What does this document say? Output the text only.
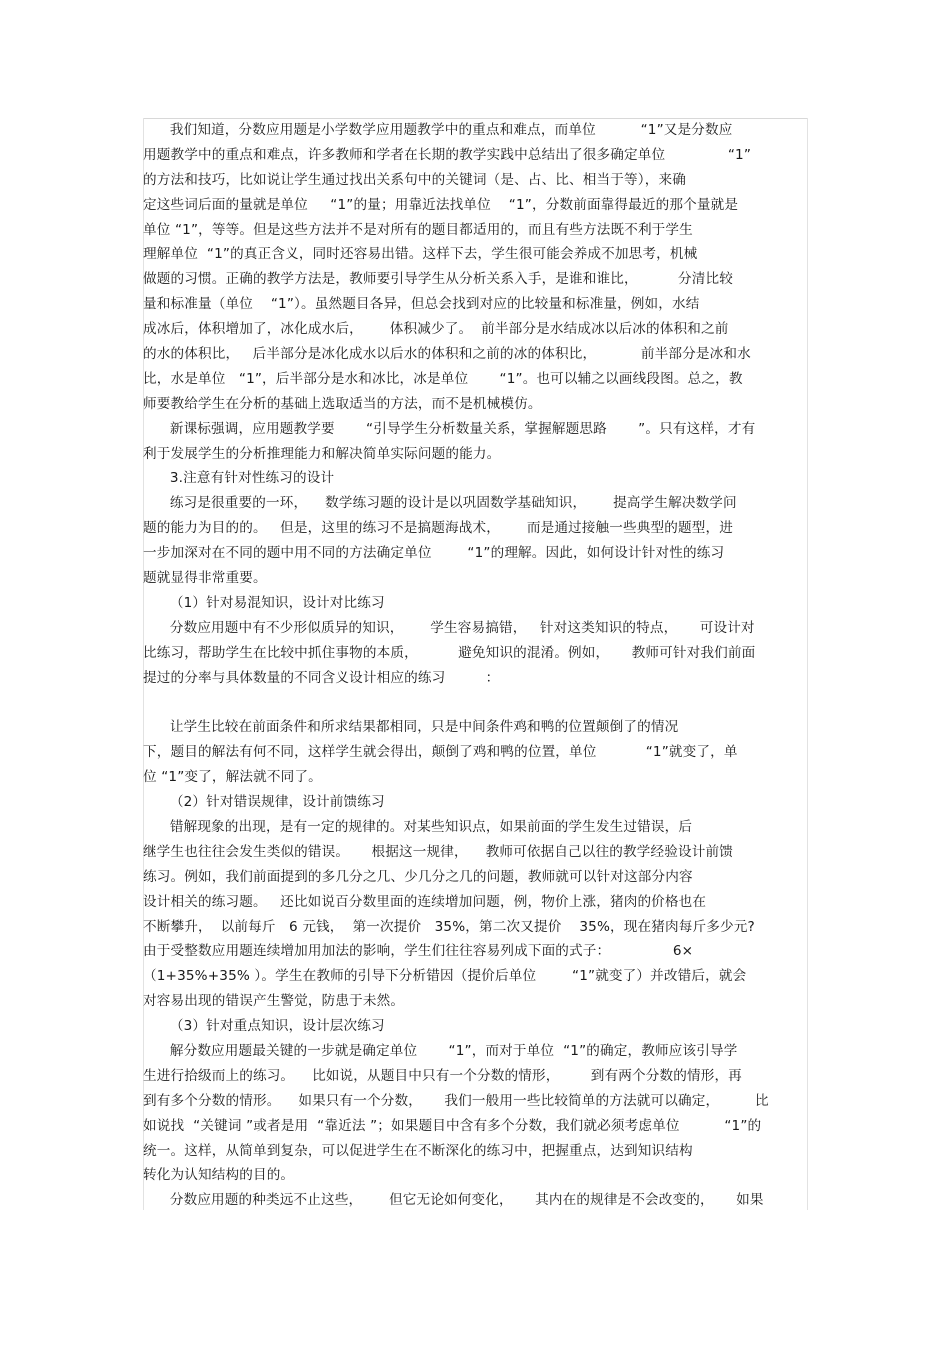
我们知道，分数应用题是小学数学应用题教学中的重点和难点，而单位          “1”又是分数应
用题教学中的重点和难点，许多教师和学者在长期的教学实践中总结出了很多确定单位              “1”
的方法和技巧，比如说让学生通过找出关系句中的关键词（是、占、比、相当于等），来确
定这些词后面的量就是单位     “1”的量；用靠近法找单位    “1”，分数前面靠得最近的那个量就是
单位 “1”，等等。但是这些方法并不是对所有的题目都适用的，而且有些方法既不利于学生
理解单位  “1”的真正含义，同时还容易出错。这样下去，学生很可能会养成不加思考，机械
做题的习惯。正确的教学方法是，教师要引导学生从分析关系入手，是谁和谁比，         分清比较
量和标准量（单位    “1”）。虽然题目各异，但总会找到对应的比较量和标准量，例如，水结
成冰后，体积增加了，冰化成水后，      体积减少了。  前半部分是水结成冰以后冰的体积和之前
的水的体积比，   后半部分是冰化成水以后水的体积和之前的冰的体积比，          前半部分是冰和水
比，水是单位   “1”，后半部分是水和冰比，冰是单位       “1”。也可以辅之以画线段图。总之，教
师要教给学生在分析的基础上选取适当的方法，而不是机械模仿。
新课标强调，应用题教学要       “引导学生分析数量关系，掌握解题思路       ”。只有这样，才有
利于发展学生的分析推理能力和解决简单实际问题的能力。
3.注意有针对性练习的设计
练习是很重要的一环，    数学练习题的设计是以巩固数学基础知识，      提高学生解决数学问
题的能力为目的的。   但是，这里的练习不是搞题海战术，      而是通过接触一些典型的题型，进
一步加深对在不同的题中用不同的方法确定单位        “1”的理解。因此，如何设计针对性的练习
题就显得非常重要。
（1）针对易混知识，设计对比练习
分数应用题中有不少形似质异的知识，      学生容易搞错，   针对这类知识的特点，     可设计对
比练习，帮助学生在比较中抓住事物的本质，         避免知识的混淆。例如，     教师可针对我们前面
提过的分率与具体数量的不同含义设计相应的练习         ：
让学生比较在前面条件和所求结果都相同，只是中间条件鸡和鸭的位置颠倒了的情况
下，题目的解法有何不同，这样学生就会得出，颠倒了鸡和鸭的位置，单位           “1”就变了，单
位 “1”变了，解法就不同了。
（2）针对错误规律，设计前馈练习
错解现象的出现，是有一定的规律的。对某些知识点，如果前面的学生发生过错误，后
继学生也往往会发生类似的错误。     根据这一规律，    教师可依据自己以往的教学经验设计前馈
练习。例如，我们前面提到的多几分之几、少几分之几的问题，教师就可以针对这部分内容
设计相关的练习题。   还比如说百分数里面的连续增加问题，例，物价上涨，猪肉的价格也在
不断攀升，  以前每斤   6 元钱，  第一次提价   35%，第二次又提价    35%，现在猪肉每斤多少元?
由于受整数应用题连续增加用加法的影响，学生们往往容易列成下面的式子：              6×
（1+35%+35% ）。学生在教师的引导下分析错因（提价后单位        “1”就变了）并改错后，就会
对容易出现的错误产生警觉，防患于未然。
（3）针对重点知识，设计层次练习
解分数应用题最关键的一步就是确定单位       “1”，而对于单位  “1”的确定，教师应该引导学
生进行拾级而上的练习。    比如说，从题目中只有一个分数的情形，       到有两个分数的情形，再
到有多个分数的情形。    如果只有一个分数，     我们一般用一些比较简单的方法就可以确定，        比
如说找  “关键词 ”或者是用  “靠近法 ”；如果题目中含有多个分数，我们就必须考虑单位          “1”的
统一。这样，从简单到复杂，可以促进学生在不断深化的练习中，把握重点，达到知识结构
转化为认知结构的目的。
分数应用题的种类远不止这些，      但它无论如何变化，     其内在的规律是不会改变的，     如果
